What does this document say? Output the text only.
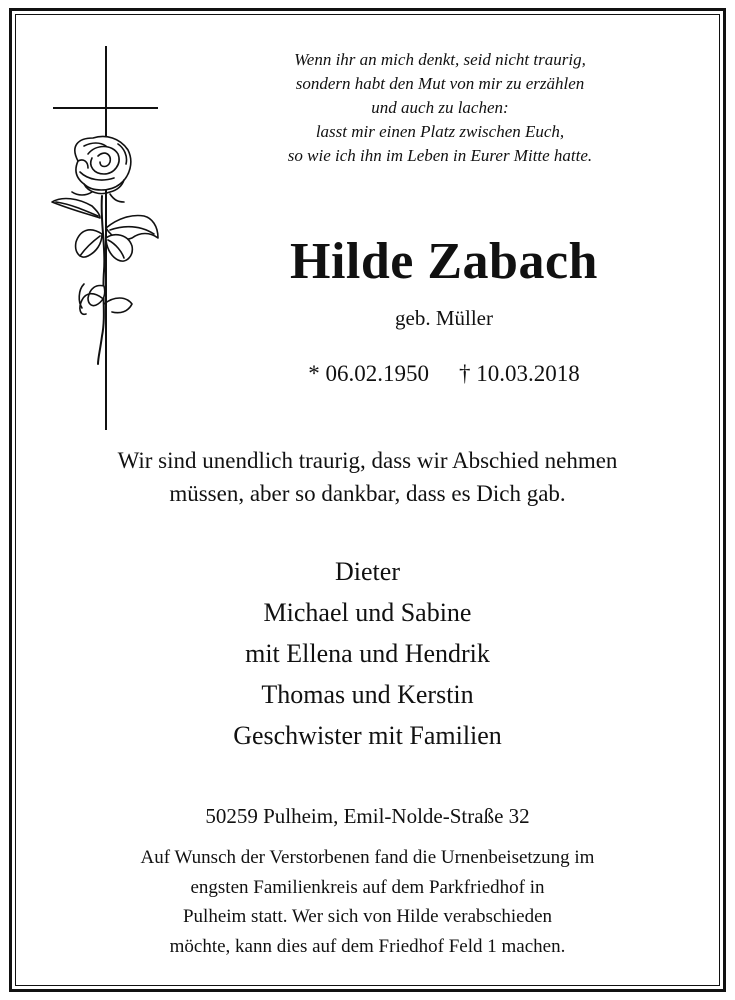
Wenn ihr an mich denkt, seid nicht traurig,
sondern habt den Mut von mir zu erzählen
und auch zu lachen:
lasst mir einen Platz zwischen Euch,
so wie ich ihn im Leben in Eurer Mitte hatte.
Hilde Zabach
geb. Müller
* 06.02.1950 † 10.03.2018
Wir sind unendlich traurig, dass wir Abschied nehmen
müssen, aber so dankbar, dass es Dich gab.
Dieter
Michael und Sabine
mit Ellena und Hendrik
Thomas und Kerstin
Geschwister mit Familien
50259 Pulheim, Emil-Nolde-Straße 32
Auf Wunsch der Verstorbenen fand die Urnenbeisetzung im
engsten Familienkreis auf dem Parkfriedhof in
Pulheim statt. Wer sich von Hilde verabschieden
möchte, kann dies auf dem Friedhof Feld 1 machen.
